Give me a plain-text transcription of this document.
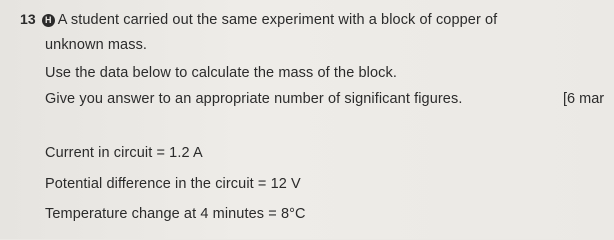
13 H A student carried out the same experiment with a block of copper of
unknown mass.
Use the data below to calculate the mass of the block.
Give you answer to an appropriate number of significant figures.	[6 mar
Current in circuit = 1.2 A
Potential difference in the circuit = 12 V
Temperature change at 4 minutes = 8°C
